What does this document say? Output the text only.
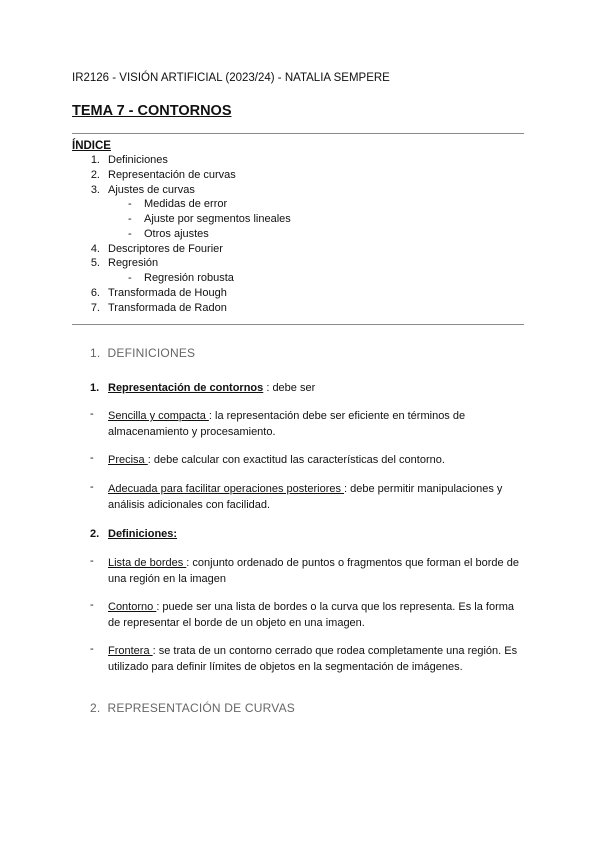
IR2126 - VISIÓN ARTIFICIAL (2023/24) - NATALIA SEMPERE
TEMA 7 - CONTORNOS
ÍNDICE
1. Definiciones
2. Representación de curvas
3. Ajustes de curvas
- Medidas de error
- Ajuste por segmentos lineales
- Otros ajustes
4. Descriptores de Fourier
5. Regresión
- Regresión robusta
6. Transformada de Hough
7. Transformada de Radon
1. DEFINICIONES
1. Representación de contornos : debe ser
- Sencilla y compacta : la representación debe ser eficiente en términos de almacenamiento y procesamiento.
- Precisa : debe calcular con exactitud las características del contorno.
- Adecuada para facilitar operaciones posteriores : debe permitir manipulaciones y análisis adicionales con facilidad.
2. Definiciones:
- Lista de bordes : conjunto ordenado de puntos o fragmentos que forman el borde de una región en la imagen
- Contorno : puede ser una lista de bordes o la curva que los representa. Es la forma de representar el borde de un objeto en una imagen.
- Frontera : se trata de un contorno cerrado que rodea completamente una región. Es utilizado para definir límites de objetos en la segmentación de imágenes.
2. REPRESENTACIÓN DE CURVAS
